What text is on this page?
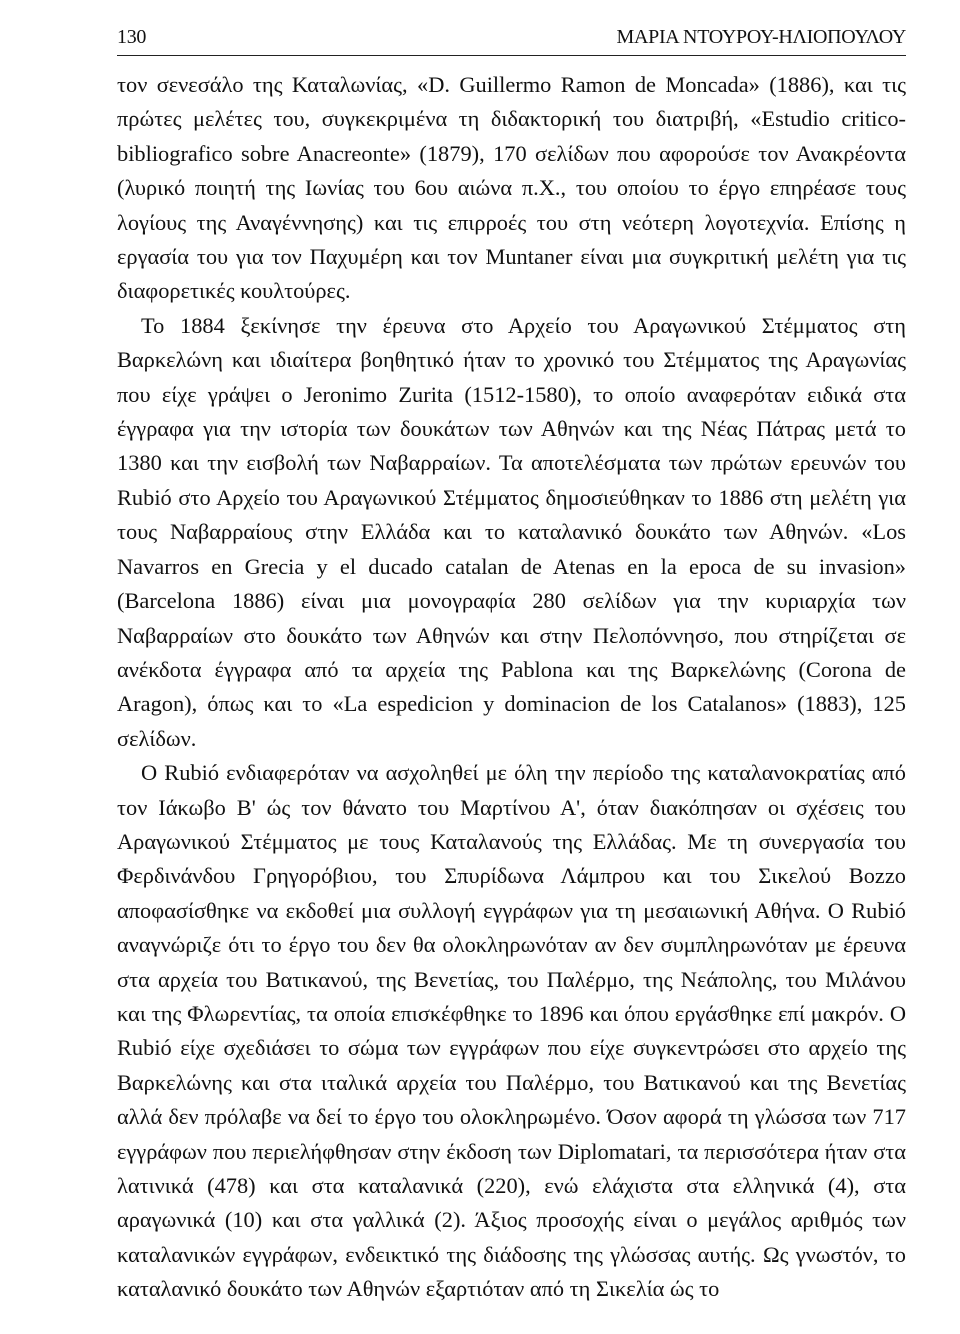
130	ΜΑΡΙΑ ΝΤΟΥΡΟΥ-ΗΛΙΟΠΟΥΛΟΥ

τον σενεσάλο της Καταλωνίας, «D. Guillermo Ramon de Moncada» (1886), και τις πρώτες μελέτες του, συγκεκριμένα τη διδακτορική του διατριβή, «Estudio critico-bibliografico sobre Anacreonte» (1879), 170 σελίδων που αφορούσε τον Ανακρέοντα (λυρικό ποιητή της Ιωνίας του 6ου αιώνα π.Χ., του οποίου το έργο επηρέασε τους λογίους της Αναγέννησης) και τις επιρροές του στη νεότερη λογοτεχνία. Επίσης η εργασία του για τον Παχυμέρη και τον Muntaner είναι μια συγκριτική μελέτη για τις διαφορετικές κουλτούρες.

Το 1884 ξεκίνησε την έρευνα στο Αρχείο του Αραγωνικού Στέμματος στη Βαρκελώνη και ιδιαίτερα βοηθητικό ήταν το χρονικό του Στέμματος της Αραγωνίας που είχε γράψει ο Jeronimo Zurita (1512-1580), το οποίο αναφερόταν ειδικά στα έγγραφα για την ιστορία των δουκάτων των Αθηνών και της Νέας Πάτρας μετά το 1380 και την εισβολή των Ναβαρραίων. Τα αποτελέσματα των πρώτων ερευνών του Rubió στο Αρχείο του Αραγωνικού Στέμματος δημοσιεύθηκαν το 1886 στη μελέτη για τους Ναβαρραίους στην Ελλάδα και το καταλανικό δουκάτο των Αθηνών. «Los Navarros en Grecia y el ducado catalan de Atenas en la epoca de su invasion» (Barcelona 1886) είναι μια μονογραφία 280 σελίδων για την κυριαρχία των Ναβαρραίων στο δουκάτο των Αθηνών και στην Πελοπόννησο, που στηρίζεται σε ανέκδοτα έγγραφα από τα αρχεία της Pablona και της Βαρκελώνης (Corona de Aragon), όπως και το «La espedicion y dominacion de los Catalanos» (1883), 125 σελίδων.

Ο Rubió ενδιαφερόταν να ασχοληθεί με όλη την περίοδο της καταλανοκρατίας από τον Ιάκωβο Β' ώς τον θάνατο του Μαρτίνου Α', όταν διακόπησαν οι σχέσεις του Αραγωνικού Στέμματος με τους Καταλανούς της Ελλάδας. Με τη συνεργασία του Φερδινάνδου Γρηγορόβιου, του Σπυρίδωνα Λάμπρου και του Σικελού Bozzo αποφασίσθηκε να εκδοθεί μια συλλογή εγγράφων για τη μεσαιωνική Αθήνα. Ο Rubió αναγνώριζε ότι το έργο του δεν θα ολοκληρωνόταν αν δεν συμπληρωνόταν με έρευνα στα αρχεία του Βατικανού, της Βενετίας, του Παλέρμο, της Νεάπολης, του Μιλάνου και της Φλωρεντίας, τα οποία επισκέφθηκε το 1896 και όπου εργάσθηκε επί μακρόν. Ο Rubió είχε σχεδιάσει το σώμα των εγγράφων που είχε συγκεντρώσει στο αρχείο της Βαρκελώνης και στα ιταλικά αρχεία του Παλέρμο, του Βατικανού και της Βενετίας αλλά δεν πρόλαβε να δεί το έργο του ολοκληρωμένο. Όσον αφορά τη γλώσσα των 717 εγγράφων που περιελήφθησαν στην έκδοση των Diplomatari, τα περισσότερα ήταν στα λατινικά (478) και στα καταλανικά (220), ενώ ελάχιστα στα ελληνικά (4), στα αραγωνικά (10) και στα γαλλικά (2). Άξιος προσοχής είναι ο μεγάλος αριθμός των καταλανικών εγγράφων, ενδεικτικό της διάδοσης της γλώσσας αυτής. Ως γνωστόν, το καταλανικό δουκάτο των Αθηνών εξαρτιόταν από τη Σικελία ώς το
